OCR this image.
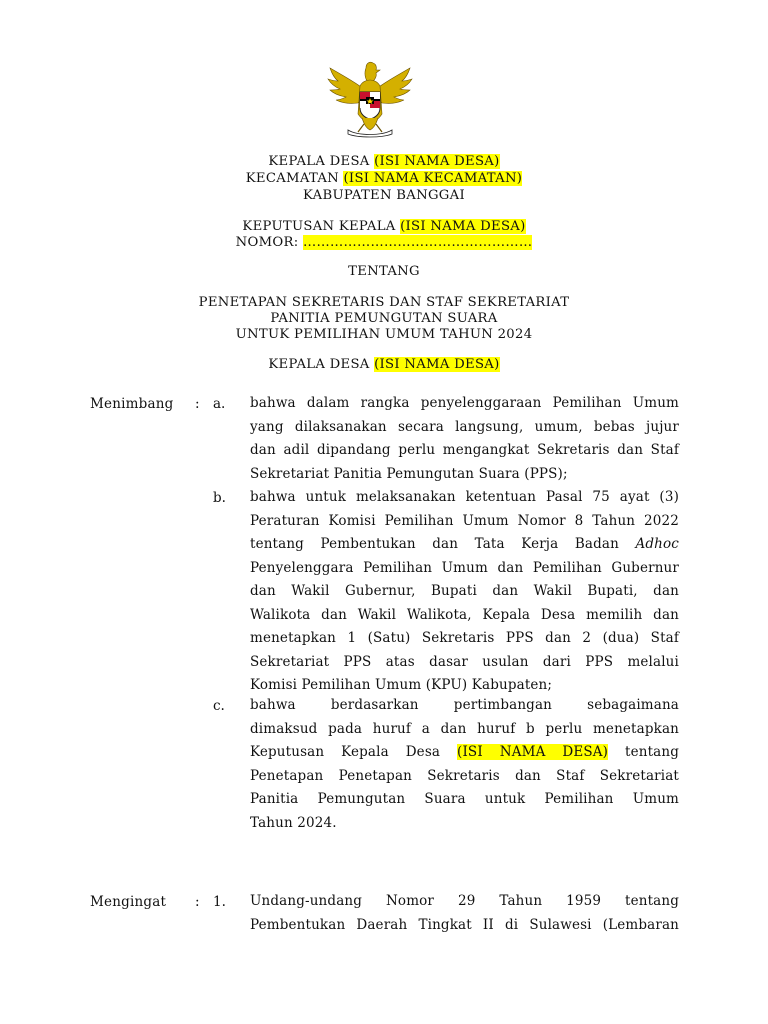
KEPALA DESA (ISI NAMA DESA)
KECAMATAN (ISI NAMA KECAMATAN)
KABUPATEN BANGGAI
KEPUTUSAN KEPALA (ISI NAMA DESA)
NOMOR: ……………………………………………
TENTANG
PENETAPAN SEKRETARIS DAN STAF SEKRETARIAT
PANITIA PEMUNGUTAN SUARA
UNTUK PEMILIHAN UMUM TAHUN 2024
KEPALA DESA (ISI NAMA DESA)
Menimbang : a. bahwa dalam rangka penyelenggaraan Pemilihan Umum
yang dilaksanakan secara langsung, umum, bebas jujur
dan adil dipandang perlu mengangkat Sekretaris dan Staf
Sekretariat Panitia Pemungutan Suara (PPS);
b. bahwa untuk melaksanakan ketentuan Pasal 75 ayat (3)
Peraturan Komisi Pemilihan Umum Nomor 8 Tahun 2022
tentang Pembentukan dan Tata Kerja Badan Adhoc
Penyelenggara Pemilihan Umum dan Pemilihan Gubernur
dan Wakil Gubernur, Bupati dan Wakil Bupati, dan
Walikota dan Wakil Walikota, Kepala Desa memilih dan
menetapkan 1 (Satu) Sekretaris PPS dan 2 (dua) Staf
Sekretariat PPS atas dasar usulan dari PPS melalui
Komisi Pemilihan Umum (KPU) Kabupaten;
c. bahwa berdasarkan pertimbangan sebagaimana
dimaksud pada huruf a dan huruf b perlu menetapkan
Keputusan Kepala Desa (ISI NAMA DESA) tentang
Penetapan Penetapan Sekretaris dan Staf Sekretariat
Panitia Pemungutan Suara untuk Pemilihan Umum
Tahun 2024.
Mengingat : 1. Undang-undang Nomor 29 Tahun 1959 tentang
Pembentukan Daerah Tingkat II di Sulawesi (Lembaran
